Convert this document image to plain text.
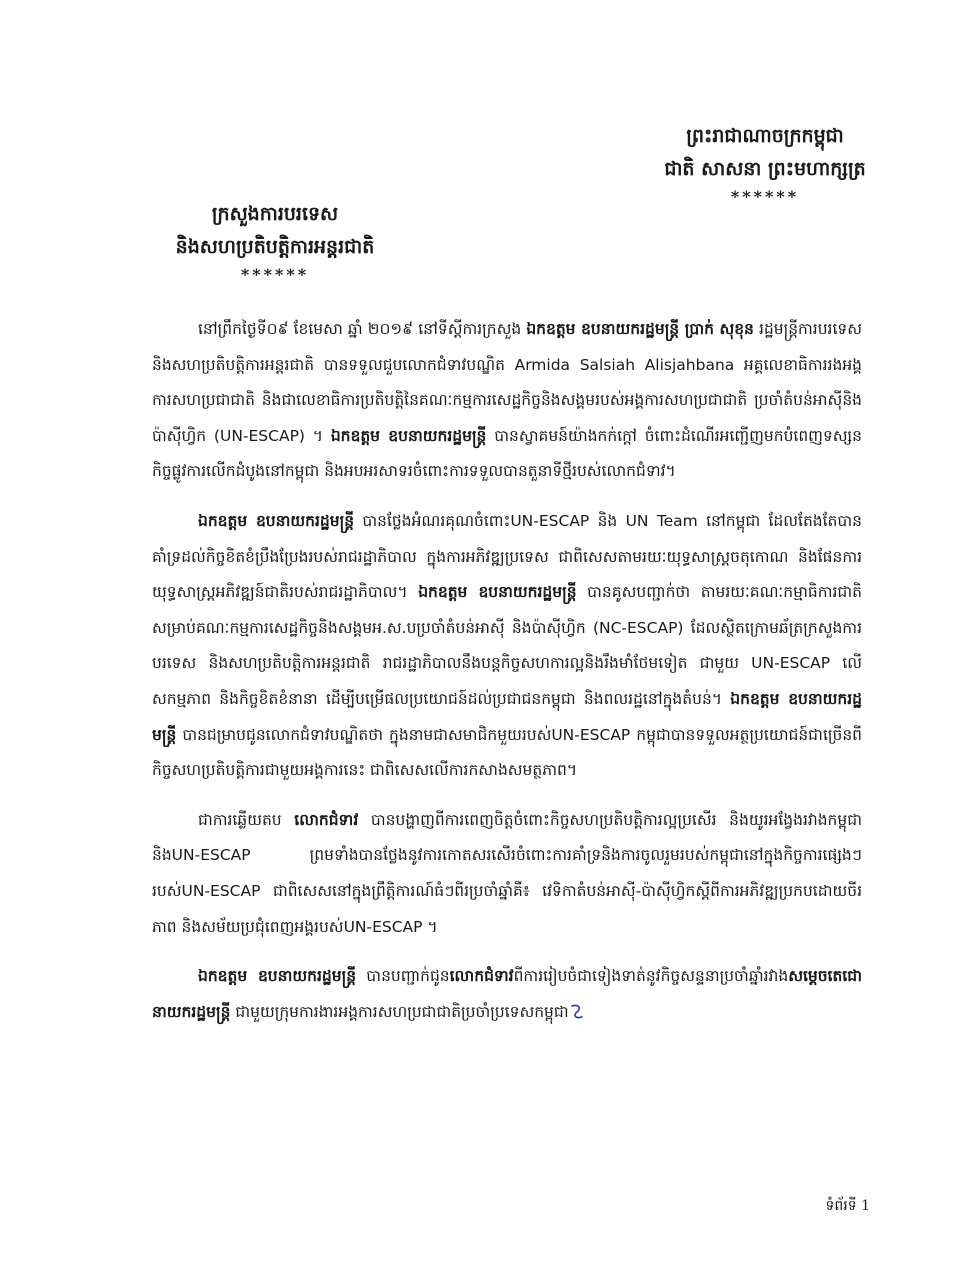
ព្រះរាជាណាចក្រកម្ពុជា
ជាតិ សាសនា ព្រះមហាក្សត្រ
******
ក្រសួងការបរទេស
និងសហប្រតិបត្តិការអន្តរជាតិ
******

នៅព្រឹកថ្ងៃទី០៩ ខែមេសា ឆ្នាំ ២០១៩ នៅទីស្តីការក្រសួង ឯកឧត្តម ឧបនាយករដ្ឋមន្ត្រី ប្រាក់ សុខុន រដ្ឋមន្ត្រីការបរទេស និងសហប្រតិបត្តិការអន្តរជាតិ បានទទួលជួបលោកជំទាវបណ្ឌិត Armida Salsiah Alisjahbana អគ្គលេខាធិការរងអង្គការសហប្រជាជាតិ និងជាលេខាធិការប្រតិបត្តិនៃគណៈកម្មការសេដ្ឋកិច្ចនិងសង្គមរបស់អង្គការសហប្រជាជាតិ ប្រចាំតំបន់អាស៊ីនិងប៉ាស៊ីហ្វិក (UN-ESCAP) ។ ឯកឧត្តម ឧបនាយករដ្ឋមន្ត្រី បានស្វាគមន៍យ៉ាងកក់ក្តៅ ចំពោះដំណើរអញ្ជើញមកបំពេញទស្សនកិច្ចផ្លូវការលើកដំបូងនៅកម្ពុជា និងអបអរសាទរចំពោះការទទួលបានតួនាទីថ្មីរបស់លោកជំទាវ។

ឯកឧត្តម ឧបនាយករដ្ឋមន្ត្រី បានថ្លែងអំណរគុណចំពោះUN-ESCAP និង UN Team នៅកម្ពុជា ដែលតែងតែបានគាំទ្រដល់កិច្ចខិតខំប្រឹងប្រែងរបស់រាជរដ្ឋាភិបាល ក្នុងការអភិវឌ្ឍប្រទេស ជាពិសេសតាមរយៈយុទ្ធសាស្ត្រចតុកោណ និងផែនការយុទ្ធសាស្ត្រអភិវឌ្ឍន៍ជាតិរបស់រាជរដ្ឋាភិបាល។ ឯកឧត្តម ឧបនាយករដ្ឋមន្ត្រី បានគូសបញ្ជាក់ថា តាមរយៈគណៈកម្មាធិការជាតិសម្រាប់គណៈកម្មការសេដ្ឋកិច្ចនិងសង្គមអ.ស.បប្រចាំតំបន់អាស៊ី និងប៉ាស៊ីហ្វិក (NC-ESCAP) ដែលស្ថិតក្រោមឆ័ត្រក្រសួងការបរទេស និងសហប្រតិបត្តិការអន្តរជាតិ រាជរដ្ឋាភិបាលនឹងបន្តកិច្ចសហការល្អនិងរឹងមាំថែមទៀត ជាមួយ UN-ESCAP លើសកម្មភាព និងកិច្ចខិតខំនានា ដើម្បីបម្រើផលប្រយោជន៍ដល់ប្រជាជនកម្ពុជា និងពលរដ្ឋនៅក្នុងតំបន់។ ឯកឧត្តម ឧបនាយករដ្ឋមន្ត្រី បានជម្រាបជូនលោកជំទាវបណ្ឌិតថា ក្នុងនាមជាសមាជិកមួយរបស់UN-ESCAP កម្ពុជាបានទទួលអត្ថប្រយោជន៍ជាច្រើនពីកិច្ចសហប្រតិបត្តិការជាមួយអង្គការនេះ ជាពិសេសលើការកសាងសមត្ថភាព។

ជាការឆ្លើយតប លោកជំទាវ បានបង្ហាញពីការពេញចិត្តចំពោះកិច្ចសហប្រតិបត្តិការល្អប្រសើរ និងយូរអង្វែងរវាងកម្ពុជា និងUN-ESCAP ព្រមទាំងបានថ្លែងនូវការកោតសរសើរចំពោះការគាំទ្រនិងការចូលរួមរបស់កម្ពុជានៅក្នុងកិច្ចការផ្សេងៗរបស់UN-ESCAP ជាពិសេសនៅក្នុងព្រឹត្តិការណ៍ធំៗពីរប្រចាំឆ្នាំគឺ៖ វេទិកាតំបន់អាស៊ី-ប៉ាស៊ីហ្វិកស្តីពីការអភិវឌ្ឍប្រកបដោយចីរភាព និងសម័យប្រជុំពេញអង្គរបស់UN-ESCAP ។

ឯកឧត្តម ឧបនាយករដ្ឋមន្ត្រី បានបញ្ជាក់ជូនលោកជំទាវពីការរៀបចំជាទៀងទាត់នូវកិច្ចសន្ទនាប្រចាំឆ្នាំរវាងសម្តេចតេជោនាយករដ្ឋមន្ត្រី ជាមួយក្រុមការងារអង្គការសហប្រជាជាតិប្រចាំប្រទេសកម្ពុជា

ទំព័រទី 1
